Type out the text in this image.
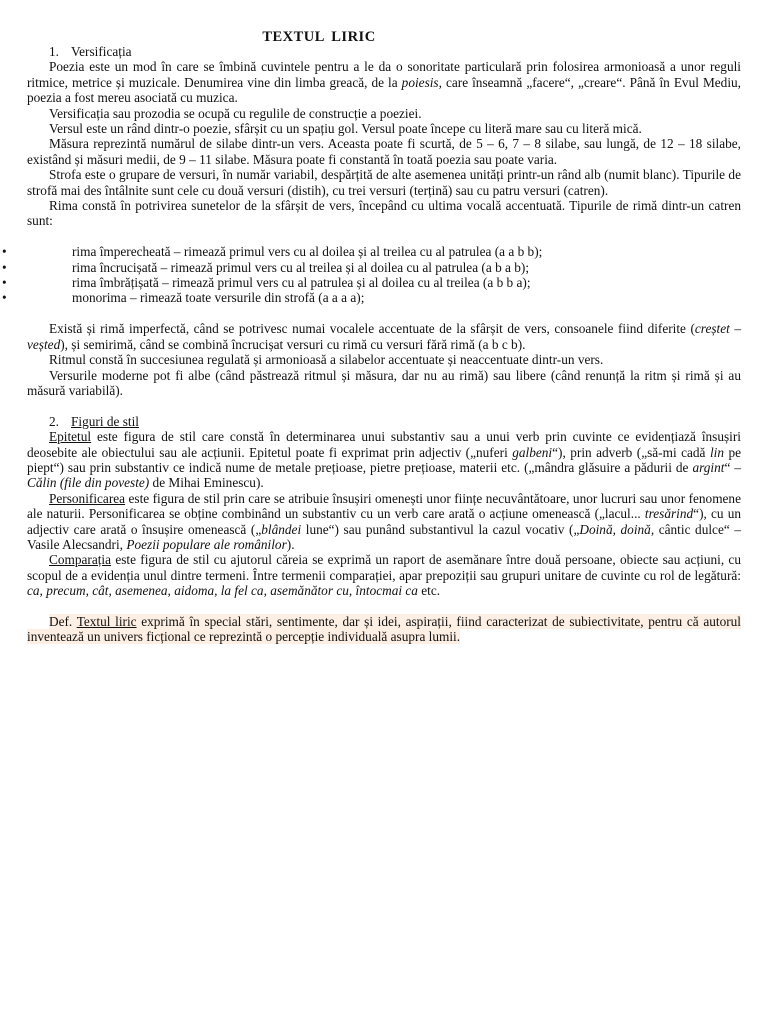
TEXTUL LIRIC

1. Versificația

Poezia este un mod în care se îmbină cuvintele pentru a le da o sonoritate particulară prin folosirea armonioasă a unor reguli ritmice, metrice și muzicale. Denumirea vine din limba greacă, de la poiesis, care înseamnă „facere“, „creare“. Până în Evul Mediu, poezia a fost mereu asociată cu muzica.

Versificația sau prozodia se ocupă cu regulile de construcție a poeziei.

Versul este un rând dintr-o poezie, sfârșit cu un spațiu gol. Versul poate începe cu literă mare sau cu literă mică.

Măsura reprezintă numărul de silabe dintr-un vers. Aceasta poate fi scurtă, de 5 – 6, 7 – 8 silabe, sau lungă, de 12 – 18 silabe, existând și măsuri medii, de 9 – 11 silabe. Măsura poate fi constantă în toată poezia sau poate varia.

Strofa este o grupare de versuri, în număr variabil, despărțită de alte asemenea unități printr-un rând alb (numit blanc). Tipurile de strofă mai des întâlnite sunt cele cu două versuri (distih), cu trei versuri (terțină) sau cu patru versuri (catren).

Rima constă în potrivirea sunetelor de la sfârșit de vers, începând cu ultima vocală accentuată. Tipurile de rimă dintr-un catren sunt:

•	rima împerecheată – rimează primul vers cu al doilea și al treilea cu al patrulea (a a b b);
•	rima încrucișată – rimează primul vers cu al treilea și al doilea cu al patrulea (a b a b);
•	rima îmbrățișată – rimează primul vers cu al patrulea și al doilea cu al treilea (a b b a);
•	monorima – rimează toate versurile din strofă (a a a a);

Există și rimă imperfectă, când se potrivesc numai vocalele accentuate de la sfârșit de vers, consoanele fiind diferite (creștet – veșted), și semirimă, când se combină încrucișat versuri cu rimă cu versuri fără rimă (a b c b).

Ritmul constă în succesiunea regulată și armonioasă a silabelor accentuate și neaccentuate dintr-un vers.

Versurile moderne pot fi albe (când păstrează ritmul și măsura, dar nu au rimă) sau libere (când renunță la ritm și rimă și au măsură variabilă).

2. Figuri de stil

Epitetul este figura de stil care constă în determinarea unui substantiv sau a unui verb prin cuvinte ce evidențiază însușiri deosebite ale obiectului sau ale acțiunii. Epitetul poate fi exprimat prin adjectiv („nuferi galbeni“), prin adverb („să-mi cadă lin pe piept“) sau prin substantiv ce indică nume de metale prețioase, pietre prețioase, materii etc. („mândra glăsuire a pădurii de argint“ – Călin (file din poveste) de Mihai Eminescu).

Personificarea este figura de stil prin care se atribuie însușiri omenești unor ființe necuvântătoare, unor lucruri sau unor fenomene ale naturii. Personificarea se obține combinând un substantiv cu un verb care arată o acțiune omenească („lacul... tresărind“), cu un adjectiv care arată o însușire omenească („blândei lune“) sau punând substantivul la cazul vocativ („Doină, doină, cântic dulce“ – Vasile Alecsandri, Poezii populare ale românilor).

Comparația este figura de stil cu ajutorul căreia se exprimă un raport de asemănare între două persoane, obiecte sau acțiuni, cu scopul de a evidenția unul dintre termeni. Între termenii comparației, apar prepoziții sau grupuri unitare de cuvinte cu rol de legătură: ca, precum, cât, asemenea, aidoma, la fel ca, asemănător cu, întocmai ca etc.

Def. Textul liric exprimă în special stări, sentimente, dar și idei, aspirații, fiind caracterizat de subiectivitate, pentru că autorul inventează un univers ficțional ce reprezintă o percepție individuală asupra lumii.
